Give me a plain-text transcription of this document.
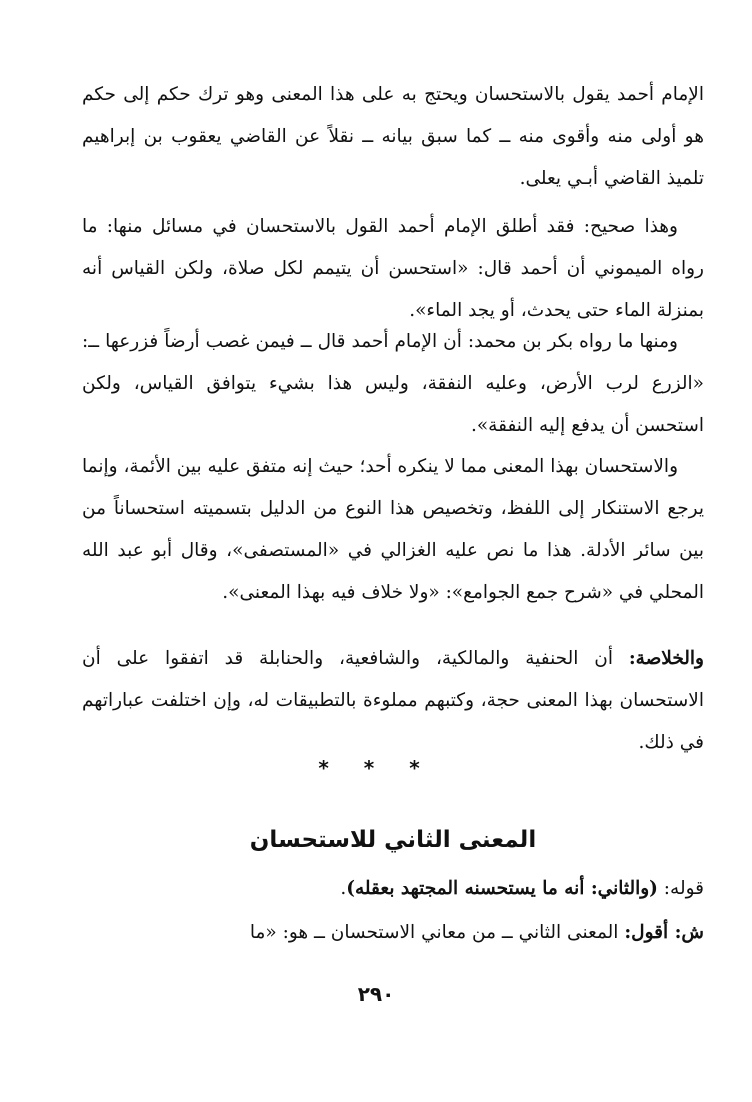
الإمام أحمد يقول بالاستحسان ويحتج به على هذا المعنى وهو ترك حكم إلى حكم هو أولى منه وأقوى منه ــ كما سبق بيانه ــ نقلاً عن القاضي يعقوب بن إبراهيم تلميذ القاضي أبـي يعلى.

وهذا صحيح: فقد أطلق الإمام أحمد القول بالاستحسان في مسائل منها: ما رواه الميموني أن أحمد قال: «استحسن أن يتيمم لكل صلاة، ولكن القياس أنه بمنزلة الماء حتى يحدث، أو يجد الماء».

ومنها ما رواه بكر بن محمد: أن الإمام أحمد قال ــ فيمن غصب أرضاً فزرعها ــ: «الزرع لرب الأرض، وعليه النفقة، وليس هذا بشيء يتوافق القياس، ولكن استحسن أن يدفع إليه النفقة».

والاستحسان بهذا المعنى مما لا ينكره أحد؛ حيث إنه متفق عليه بين الأئمة، وإنما يرجع الاستنكار إلى اللفظ، وتخصيص هذا النوع من الدليل بتسميته استحساناً من بين سائر الأدلة. هذا ما نص عليه الغزالي في «المستصفى»، وقال أبو عبد الله المحلي في «شرح جمع الجوامع»: «ولا خلاف فيه بهذا المعنى».

والخلاصة: أن الحنفية والمالكية، والشافعية، والحنابلة قد اتفقوا على أن الاستحسان بهذا المعنى حجة، وكتبهم مملوءة بالتطبيقات له، وإن اختلفت عباراتهم في ذلك.

* * *
المعنى الثاني للاستحسان

قوله: (والثاني: أنه ما يستحسنه المجتهد بعقله).

ش: أقول: المعنى الثاني ــ من معاني الاستحسان ــ هو: «ما

٢٩٠
